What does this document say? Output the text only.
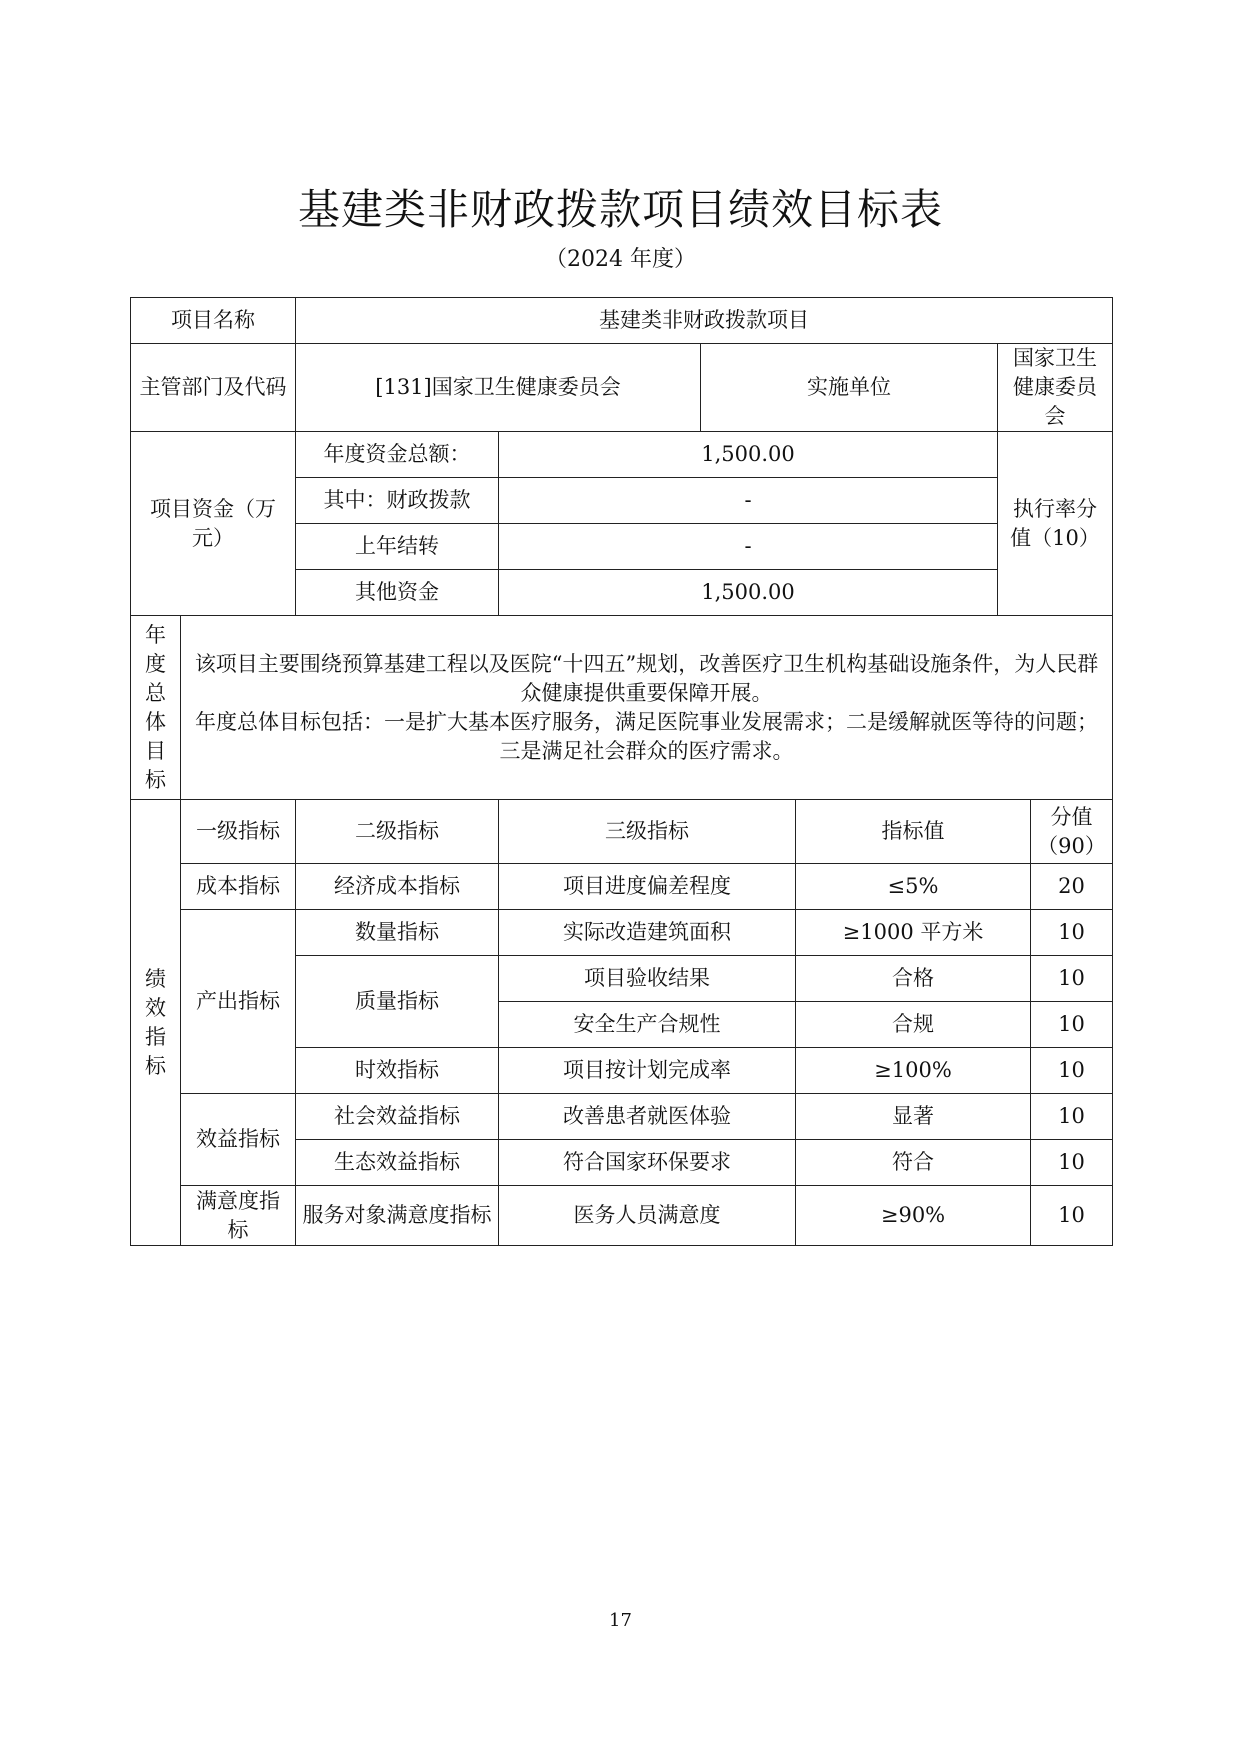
基建类非财政拨款项目绩效目标表
（2024 年度）
项目名称		基建类非财政拨款项目					
主管部门及代码		[131]国家卫生健康委员会		实施单位		国家卫生健康委员会	
项目资金（万元）		年度资金总额：	1,500.00			执行率分值（10）	
		其中：财政拨款	-				
		上年结转	-				
		其他资金	1,500.00				
年度总体目标	该项目主要围绕预算基建工程以及医院“十四五”规划，改善医疗卫生机构基础设施条件，为人民群众健康提供重要保障开展。
年度总体目标包括：一是扩大基本医疗服务，满足医院事业发展需求；二是缓解就医等待的问题；三是满足社会群众的医疗需求。						

绩效指标	一级指标	二级指标	三级指标		指标值		分值（90）
	成本指标	经济成本指标	项目进度偏差程度		≤5%		20
	产出指标	数量指标	实际改造建筑面积		≥1000 平方米		10
		质量指标	项目验收结果		合格		10
			安全生产合规性		合规		10
		时效指标	项目按计划完成率		≥100%		10
	效益指标	社会效益指标	改善患者就医体验		显著		10
		生态效益指标	符合国家环保要求		符合		10
	满意度指标	服务对象满意度指标	医务人员满意度		≥90%		10
17
